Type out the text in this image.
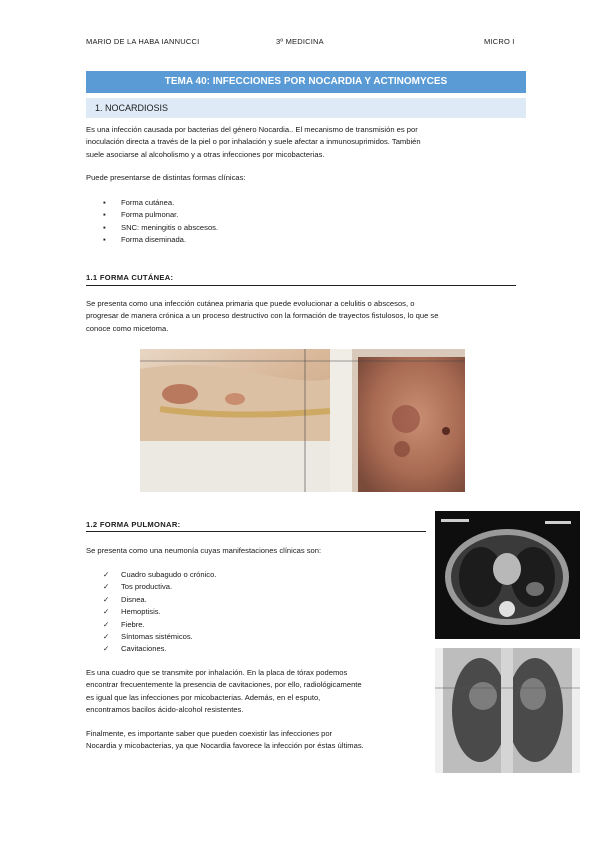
MARIO DE LA HABA IANNUCCI	3º MEDICINA	MICRO I
TEMA 40: INFECCIONES POR NOCARDIA Y ACTINOMYCES
1. NOCARDIOSIS
Es una infección causada por bacterias del género Nocardia.. El mecanismo de transmisión es por
inoculación directa a través de la piel o por inhalación y suele afectar a inmunosuprimidos. También
suele asociarse al alcoholismo y a otras infecciones por micobacterias.
Puede presentarse de distintas formas clínicas:
▪ Forma cutánea.
▪ Forma pulmonar.
▪ SNC: meningitis o abscesos.
▪ Forma diseminada.
1.1 FORMA CUTÁNEA:
Se presenta como una infección cutánea primaria que puede evolucionar a celulitis o abscesos, o
progresar de manera crónica a un proceso destructivo con la formación de trayectos fistulosos, lo que se
conoce como micetoma.
1.2 FORMA PULMONAR:
Se presenta como una neumonía cuyas manifestaciones clínicas son:
✓ Cuadro subagudo o crónico.
✓ Tos productiva.
✓ Disnea.
✓ Hemoptisis.
✓ Fiebre.
✓ Síntomas sistémicos.
✓ Cavitaciones.
Es una cuadro que se transmite por inhalación. En la placa de tórax podemos
encontrar frecuentemente la presencia de cavitaciones, por ello, radiológicamente
es igual que las infecciones por micobacterias. Además, en el esputo,
encontramos bacilos ácido-alcohol resistentes.
Finalmente, es importante saber que pueden coexistir las infecciones por
Nocardia y micobacterias, ya que Nocardia favorece la infección por éstas últimas.
